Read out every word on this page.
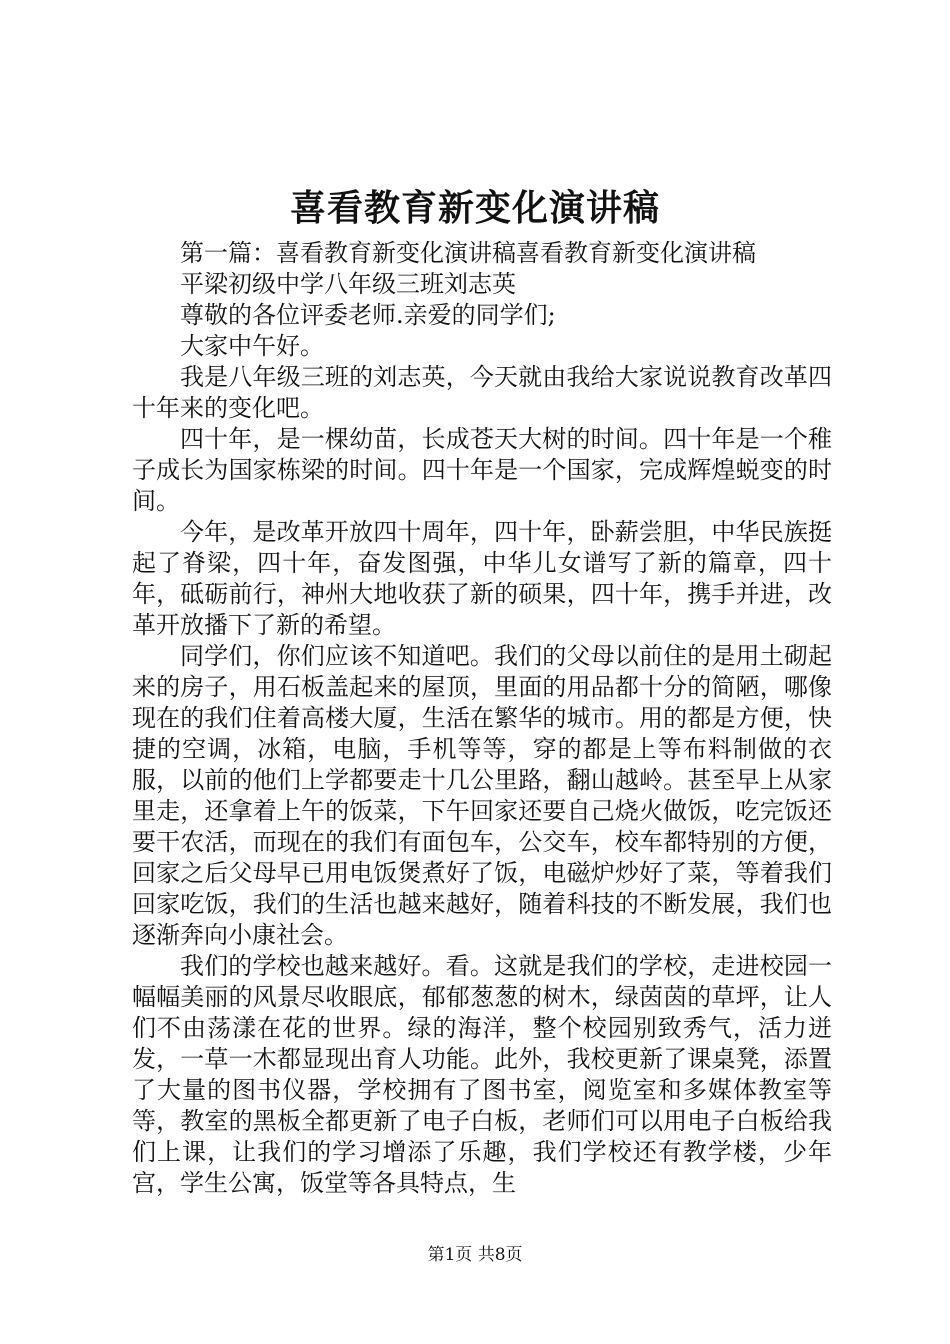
喜看教育新变化演讲稿

第一篇：喜看教育新变化演讲稿喜看教育新变化演讲稿

平梁初级中学八年级三班刘志英

尊敬的各位评委老师.亲爱的同学们;

大家中午好。

我是八年级三班的刘志英，今天就由我给大家说说教育改革四十年来的变化吧。

四十年，是一棵幼苗，长成苍天大树的时间。四十年是一个稚子成长为国家栋梁的时间。四十年是一个国家，完成辉煌蜕变的时间。

今年，是改革开放四十周年，四十年，卧薪尝胆，中华民族挺起了脊梁，四十年，奋发图强，中华儿女谱写了新的篇章，四十年，砥砺前行，神州大地收获了新的硕果，四十年，携手并进，改革开放播下了新的希望。

同学们，你们应该不知道吧。我们的父母以前住的是用土砌起来的房子，用石板盖起来的屋顶，里面的用品都十分的简陋，哪像现在的我们住着高楼大厦，生活在繁华的城市。用的都是方便，快捷的空调，冰箱，电脑，手机等等，穿的都是上等布料制做的衣服，以前的他们上学都要走十几公里路，翻山越岭。甚至早上从家里走，还拿着上午的饭菜，下午回家还要自己烧火做饭，吃完饭还要干农活，而现在的我们有面包车，公交车，校车都特别的方便，回家之后父母早已用电饭煲煮好了饭，电磁炉炒好了菜，等着我们回家吃饭，我们的生活也越来越好，随着科技的不断发展，我们也逐渐奔向小康社会。

我们的学校也越来越好。看。这就是我们的学校，走进校园一幅幅美丽的风景尽收眼底，郁郁葱葱的树木，绿茵茵的草坪，让人们不由荡漾在花的世界。绿的海洋，整个校园别致秀气，活力迸发，一草一木都显现出育人功能。此外，我校更新了课桌凳，添置了大量的图书仪器，学校拥有了图书室，阅览室和多媒体教室等等，教室的黑板全都更新了电子白板，老师们可以用电子白板给我们上课，让我们的学习增添了乐趣，我们学校还有教学楼，少年宫，学生公寓，饭堂等各具特点，生

第1页 共8页
